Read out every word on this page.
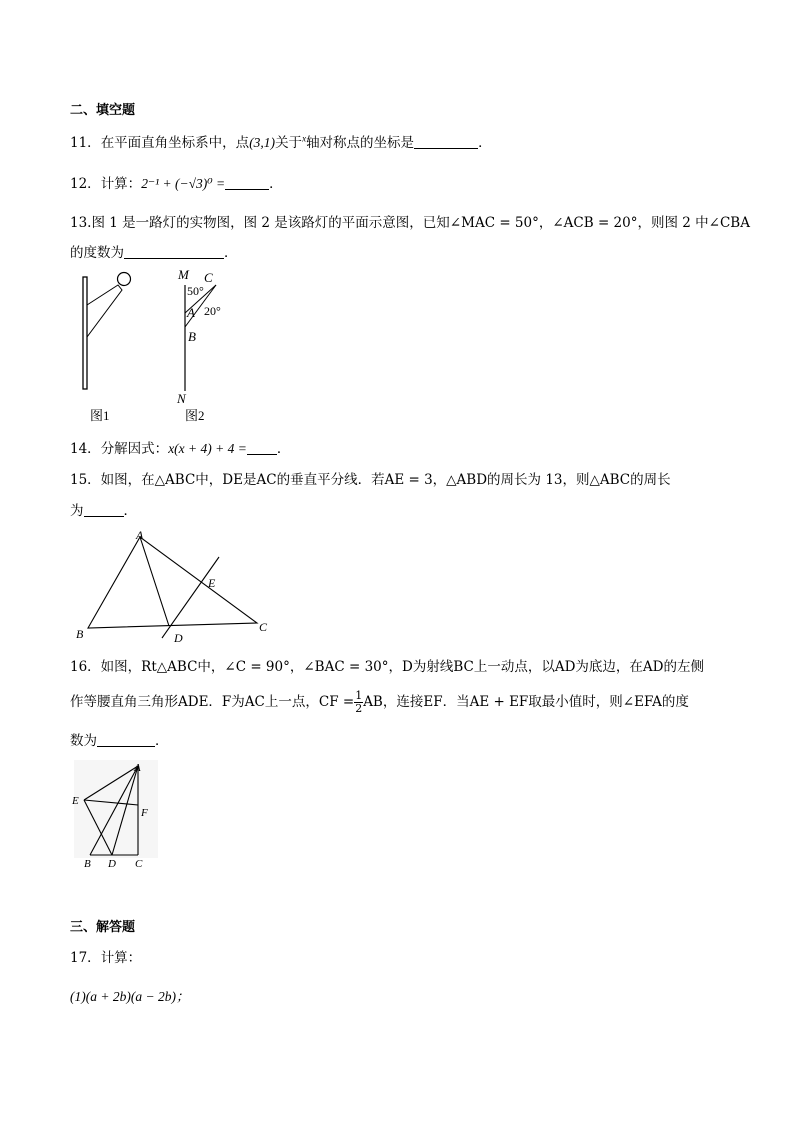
二、填空题
11．在平面直角坐标系中，点(3,1)关于$^x$轴对称点的坐标是	．
12．计算：2⁻¹ + (−√3)⁰ =	．
13.图 1 是一路灯的实物图，图 2 是该路灯的平面示意图，已知∠MAC = 50°，∠ACB = 20°，则图 2 中∠CBA
的度数为	．
图1
M C
50°
A 20°
B
N
图2
14．分解因式：x(x + 4) + 4 = ．
15．如图，在△ABC中，DE是AC的垂直平分线．若AE = 3，△ABD的周长为 13，则△ABC的周长
为	．
A
B	C
D
E
16．如图，Rt△ABC中，∠C = 90°，∠BAC = 30°，D为射线BC上一动点，以AD为底边，在AD的左侧
作等腰直角三角形ADE．F为AC上一点，CF = $\frac{1}{2}$ AB，连接EF．当AE + EF取最小值时，则∠EFA的度
数为	．
A
E
F
B D C
三、解答题
17．计算：
(1)(a + 2b)(a − 2b)；
